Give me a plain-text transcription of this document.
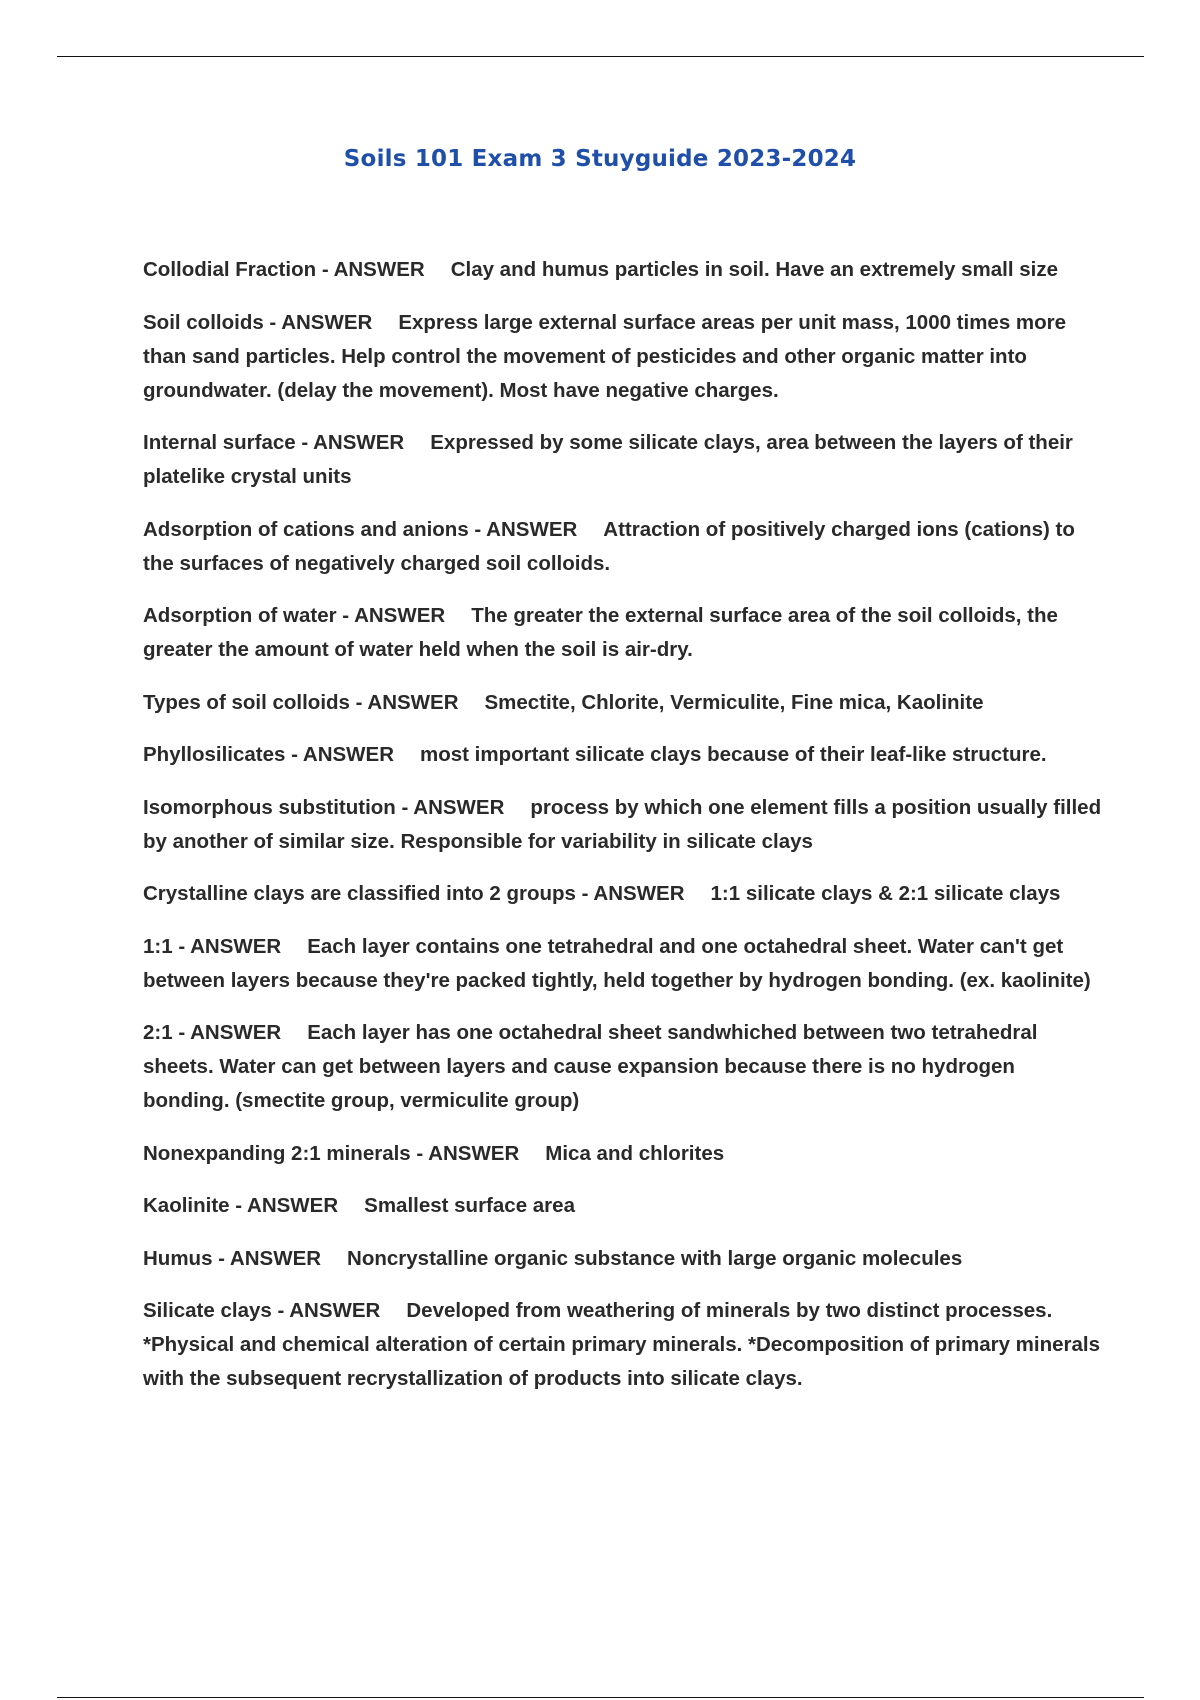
Soils 101 Exam 3 Stuyguide 2023-2024
Collodial Fraction - ANSWER Clay and humus particles in soil. Have an extremely small size
Soil colloids - ANSWER Express large external surface areas per unit mass, 1000 times more than sand particles. Help control the movement of pesticides and other organic matter into groundwater. (delay the movement). Most have negative charges.
Internal surface - ANSWER Expressed by some silicate clays, area between the layers of their platelike crystal units
Adsorption of cations and anions - ANSWER Attraction of positively charged ions (cations) to the surfaces of negatively charged soil colloids.
Adsorption of water - ANSWER The greater the external surface area of the soil colloids, the greater the amount of water held when the soil is air-dry.
Types of soil colloids - ANSWER Smectite, Chlorite, Vermiculite, Fine mica, Kaolinite
Phyllosilicates - ANSWER most important silicate clays because of their leaf-like structure.
Isomorphous substitution - ANSWER process by which one element fills a position usually filled by another of similar size. Responsible for variability in silicate clays
Crystalline clays are classified into 2 groups - ANSWER 1:1 silicate clays & 2:1 silicate clays
1:1 - ANSWER Each layer contains one tetrahedral and one octahedral sheet. Water can't get between layers because they're packed tightly, held together by hydrogen bonding. (ex. kaolinite)
2:1 - ANSWER Each layer has one octahedral sheet sandwhiched between two tetrahedral sheets. Water can get between layers and cause expansion because there is no hydrogen bonding. (smectite group, vermiculite group)
Nonexpanding 2:1 minerals - ANSWER Mica and chlorites
Kaolinite - ANSWER Smallest surface area
Humus - ANSWER Noncrystalline organic substance with large organic molecules
Silicate clays - ANSWER Developed from weathering of minerals by two distinct processes. *Physical and chemical alteration of certain primary minerals. *Decomposition of primary minerals with the subsequent recrystallization of products into silicate clays.
